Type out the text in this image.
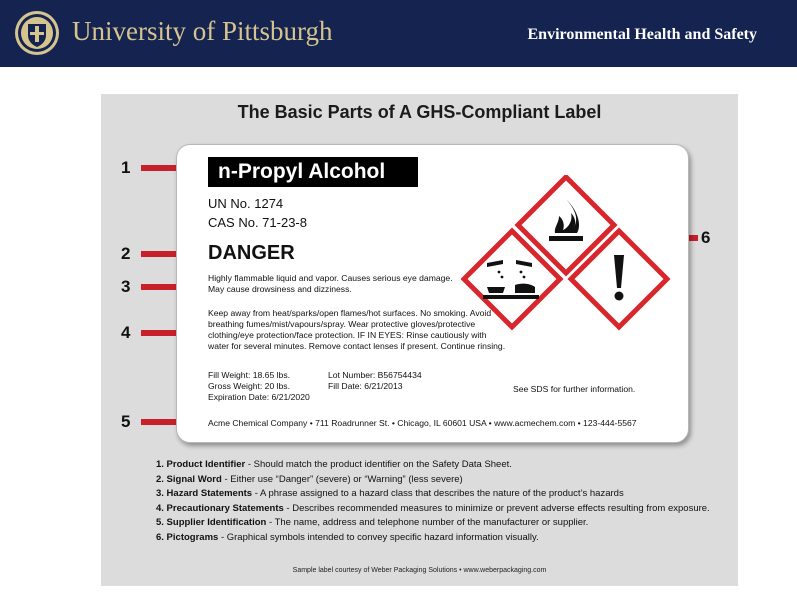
University of Pittsburgh	Environmental Health and Safety
The Basic Parts of A GHS-Compliant Label
1
2
3
4
5
6
n-Propyl Alcohol
UN No. 1274
CAS No. 71-23-8
DANGER
Highly flammable liquid and vapor. Causes serious eye damage.
May cause drowsiness and dizziness.
Keep away from heat/sparks/open flames/hot surfaces. No smoking. Avoid
breathing fumes/mist/vapours/spray. Wear protective gloves/protective
clothing/eye protection/face protection. IF IN EYES: Rinse cautiously with
water for several minutes. Remove contact lenses if present. Continue rinsing.
Fill Weight: 18.65 lbs.
Gross Weight: 20 lbs.
Expiration Date: 6/21/2020
Lot Number: B56754434
Fill Date: 6/21/2013	See SDS for further information.
Acme Chemical Company • 711 Roadrunner St. • Chicago, IL 60601 USA • www.acmechem.com • 123-444-5567
1. Product Identifier - Should match the product identifier on the Safety Data Sheet.
2. Signal Word - Either use “Danger” (severe) or “Warning” (less severe)
3. Hazard Statements - A phrase assigned to a hazard class that describes the nature of the product’s hazards
4. Precautionary Statements - Describes recommended measures to minimize or prevent adverse effects resulting from exposure.
5. Supplier Identification - The name, address and telephone number of the manufacturer or supplier.
6. Pictograms - Graphical symbols intended to convey specific hazard information visually.
Sample label courtesy of Weber Packaging Solutions • www.weberpackaging.com
